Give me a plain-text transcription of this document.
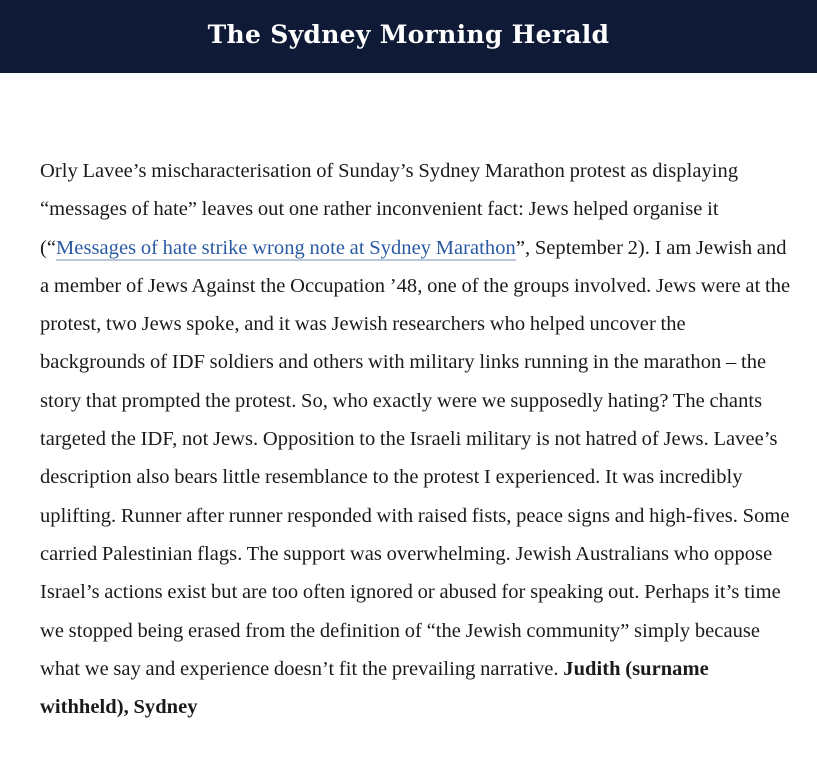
The Sydney Morning Herald

Orly Lavee’s mischaracterisation of Sunday’s Sydney Marathon protest as displaying “messages of hate” leaves out one rather inconvenient fact: Jews helped organise it (“Messages of hate strike wrong note at Sydney Marathon”, September 2). I am Jewish and a member of Jews Against the Occupation ’48, one of the groups involved. Jews were at the protest, two Jews spoke, and it was Jewish researchers who helped uncover the backgrounds of IDF soldiers and others with military links running in the marathon – the story that prompted the protest. So, who exactly were we supposedly hating? The chants targeted the IDF, not Jews. Opposition to the Israeli military is not hatred of Jews. Lavee’s description also bears little resemblance to the protest I experienced. It was incredibly uplifting. Runner after runner responded with raised fists, peace signs and high-fives. Some carried Palestinian flags. The support was overwhelming. Jewish Australians who oppose Israel’s actions exist but are too often ignored or abused for speaking out. Perhaps it’s time we stopped being erased from the definition of “the Jewish community” simply because what we say and experience doesn’t fit the prevailing narrative. Judith (surname withheld), Sydney
